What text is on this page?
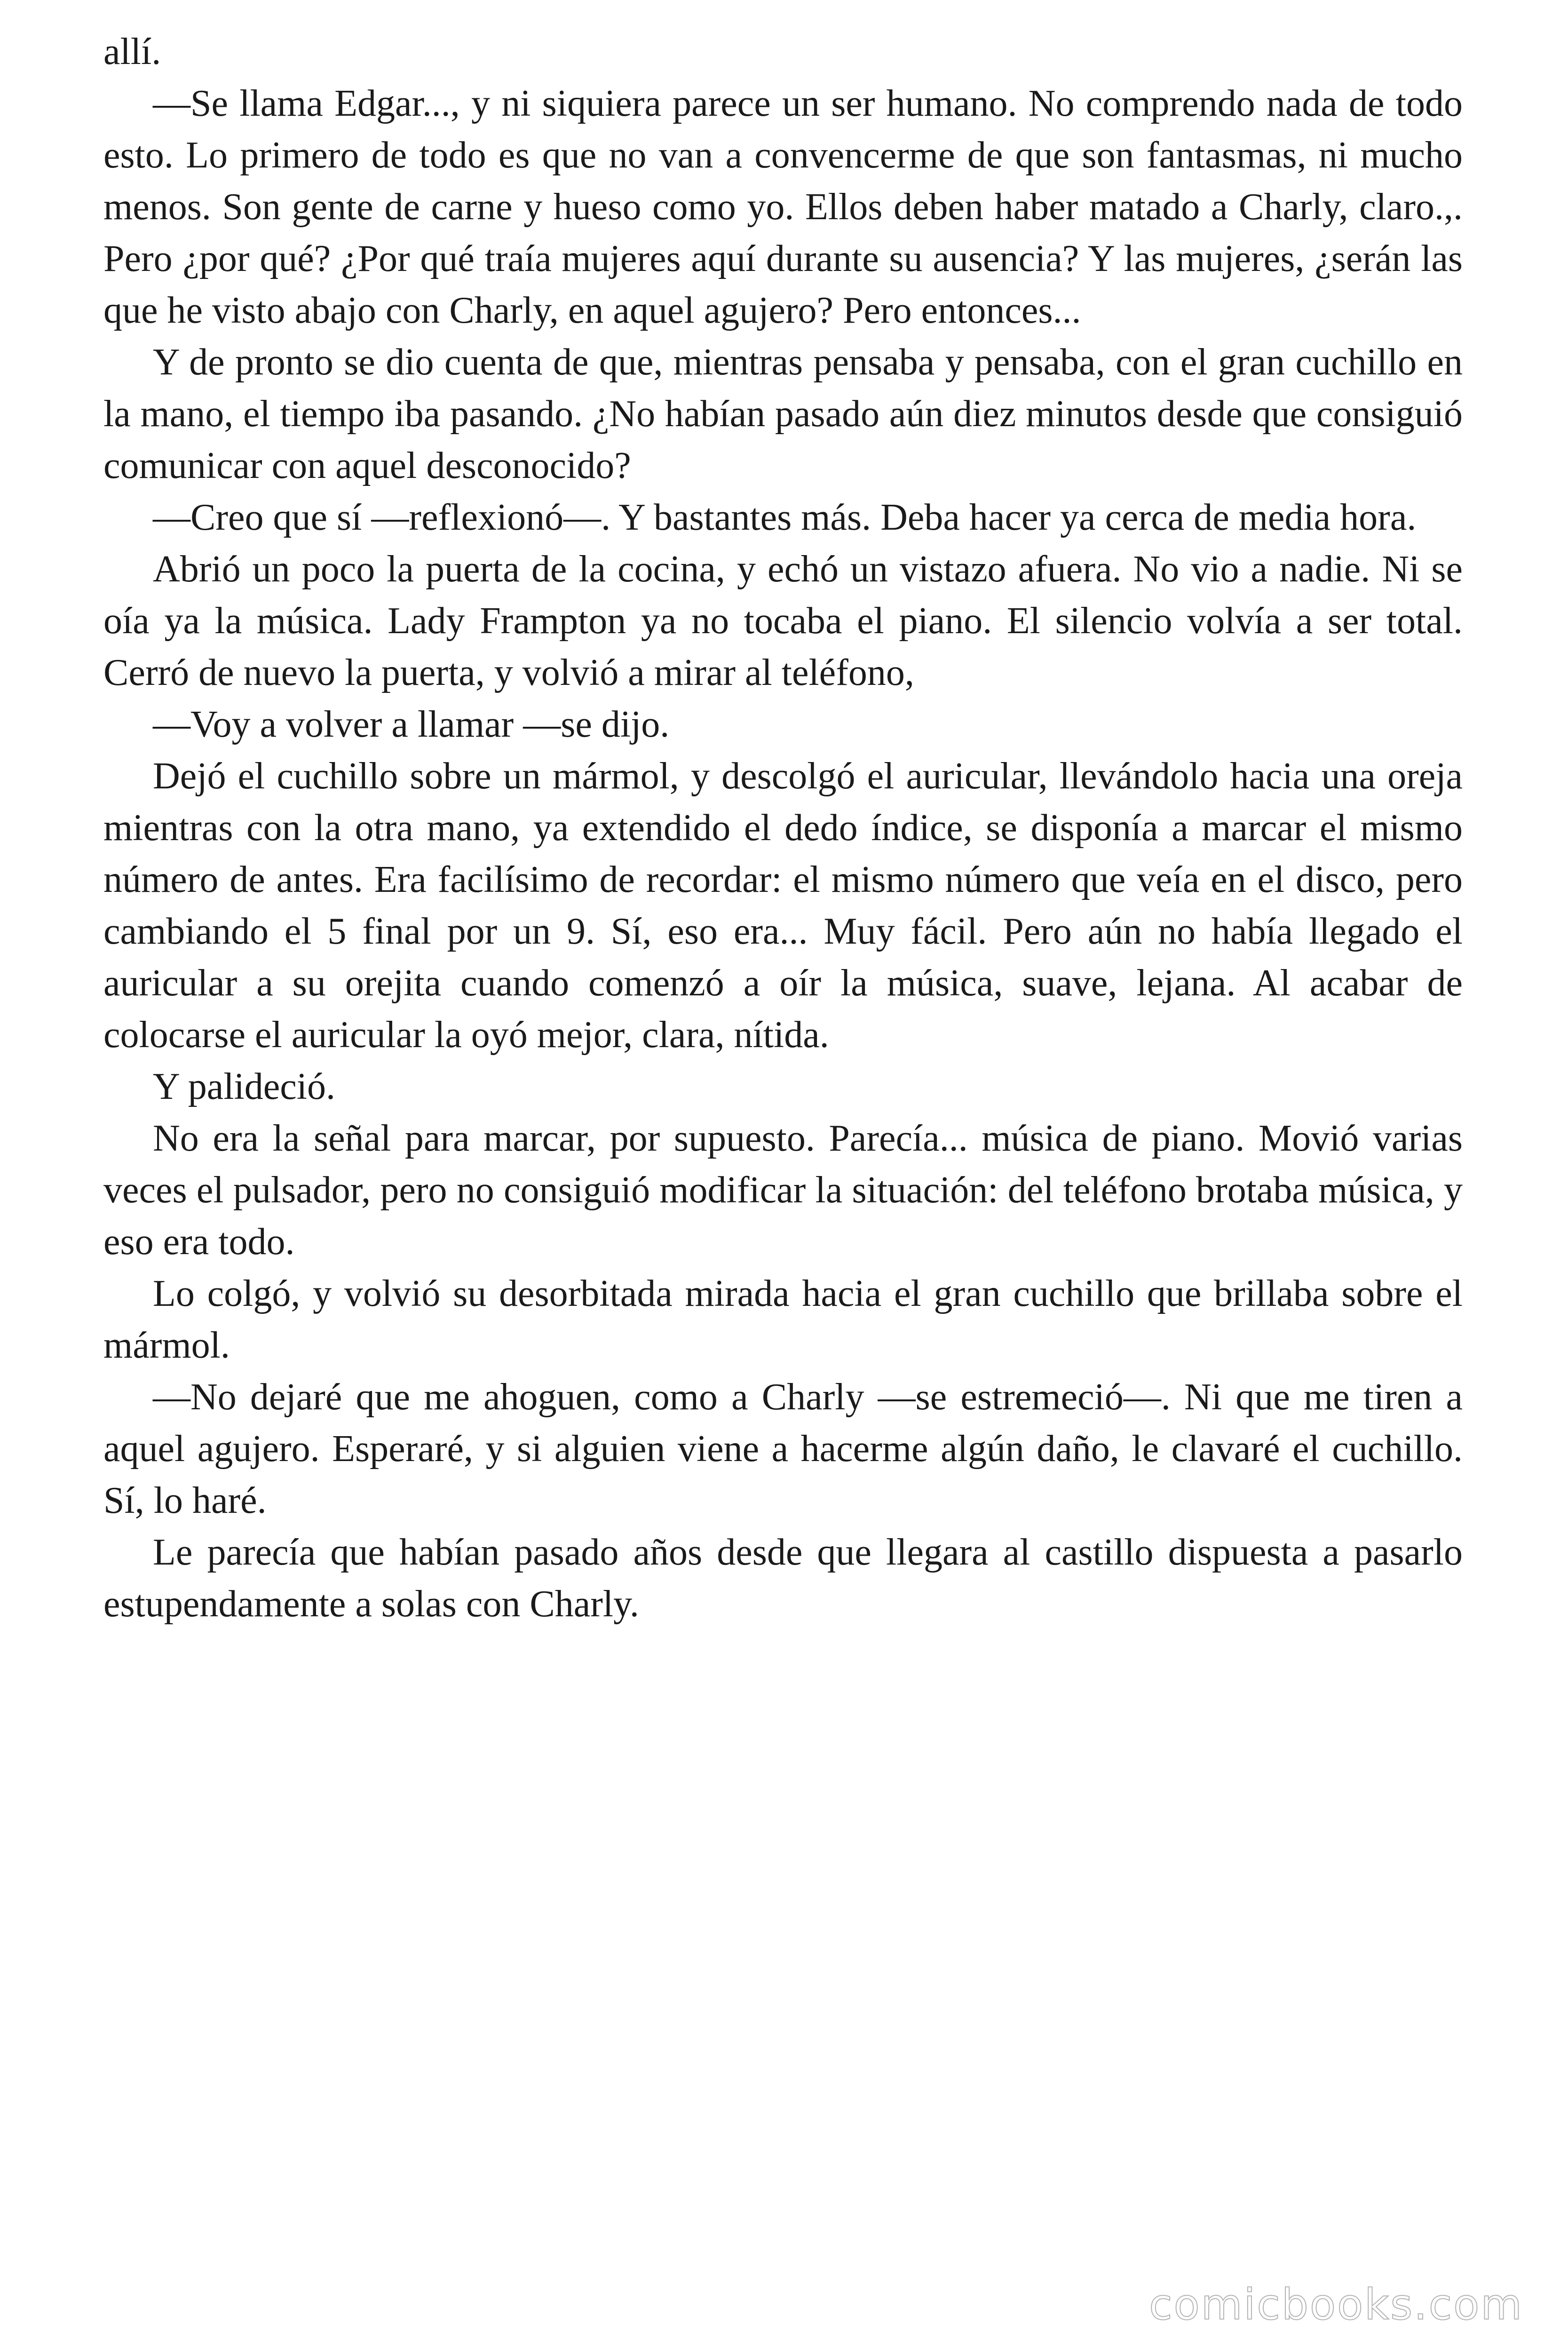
allí.

—Se llama Edgar..., y ni siquiera parece un ser humano. No comprendo nada de todo esto. Lo primero de todo es que no van a convencerme de que son fantasmas, ni mucho menos. Son gente de carne y hueso como yo. Ellos deben haber matado a Charly, claro.,. Pero ¿por qué? ¿Por qué traía mujeres aquí durante su ausencia? Y las mujeres, ¿serán las que he visto abajo con Charly, en aquel agujero? Pero entonces...

Y de pronto se dio cuenta de que, mientras pensaba y pensaba, con el gran cuchillo en la mano, el tiempo iba pasando. ¿No habían pasado aún diez minutos desde que consiguió comunicar con aquel desconocido?

—Creo que sí —reflexionó—. Y bastantes más. Deba hacer ya cerca de media hora.

Abrió un poco la puerta de la cocina, y echó un vistazo afuera. No vio a nadie. Ni se oía ya la música. Lady Frampton ya no tocaba el piano. El silencio volvía a ser total. Cerró de nuevo la puerta, y volvió a mirar al teléfono,

—Voy a volver a llamar —se dijo.

Dejó el cuchillo sobre un mármol, y descolgó el auricular, llevándolo hacia una oreja mientras con la otra mano, ya extendido el dedo índice, se disponía a marcar el mismo número de antes. Era facilísimo de recordar: el mismo número que veía en el disco, pero cambiando el 5 final por un 9. Sí, eso era... Muy fácil. Pero aún no había llegado el auricular a su orejita cuando comenzó a oír la música, suave, lejana. Al acabar de colocarse el auricular la oyó mejor, clara, nítida.

Y palideció.

No era la señal para marcar, por supuesto. Parecía... música de piano. Movió varias veces el pulsador, pero no consiguió modificar la situación: del teléfono brotaba música, y eso era todo.

Lo colgó, y volvió su desorbitada mirada hacia el gran cuchillo que brillaba sobre el mármol.

—No dejaré que me ahoguen, como a Charly —se estremeció—. Ni que me tiren a aquel agujero. Esperaré, y si alguien viene a hacerme algún daño, le clavaré el cuchillo. Sí, lo haré.

Le parecía que habían pasado años desde que llegara al castillo dispuesta a pasarlo estupendamente a solas con Charly.

comicbooks.com
